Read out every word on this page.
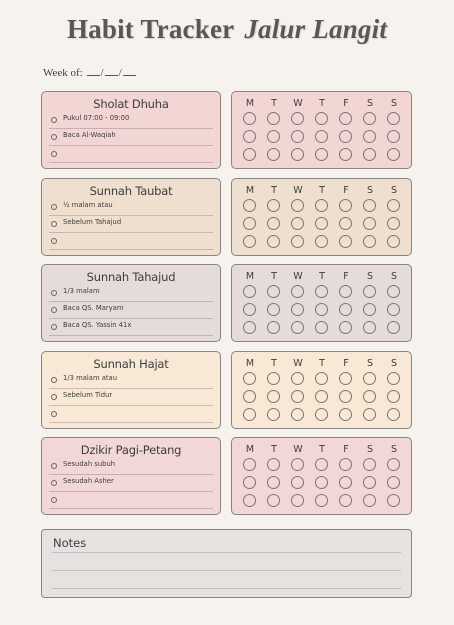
Habit Tracker Jalur Langit
Week of: / /
Sholat Dhuha
Pukul 07:00 - 09:00
Baca Al-Waqiah
M	T	W	T	F	S	S
Sunnah Taubat
½ malam atau
Sebelum Tahajud
M	T	W	T	F	S	S
Sunnah Tahajud
1/3 malam
Baca QS. Maryam
Baca QS. Yassin 41x
M	T	W	T	F	S	S
Sunnah Hajat
1/3 malam atau
Sebelum Tidur
M	T	W	T	F	S	S
Dzikir Pagi-Petang
Sesudah subuh
Sesudah Asher
M	T	W	T	F	S	S
Notes
